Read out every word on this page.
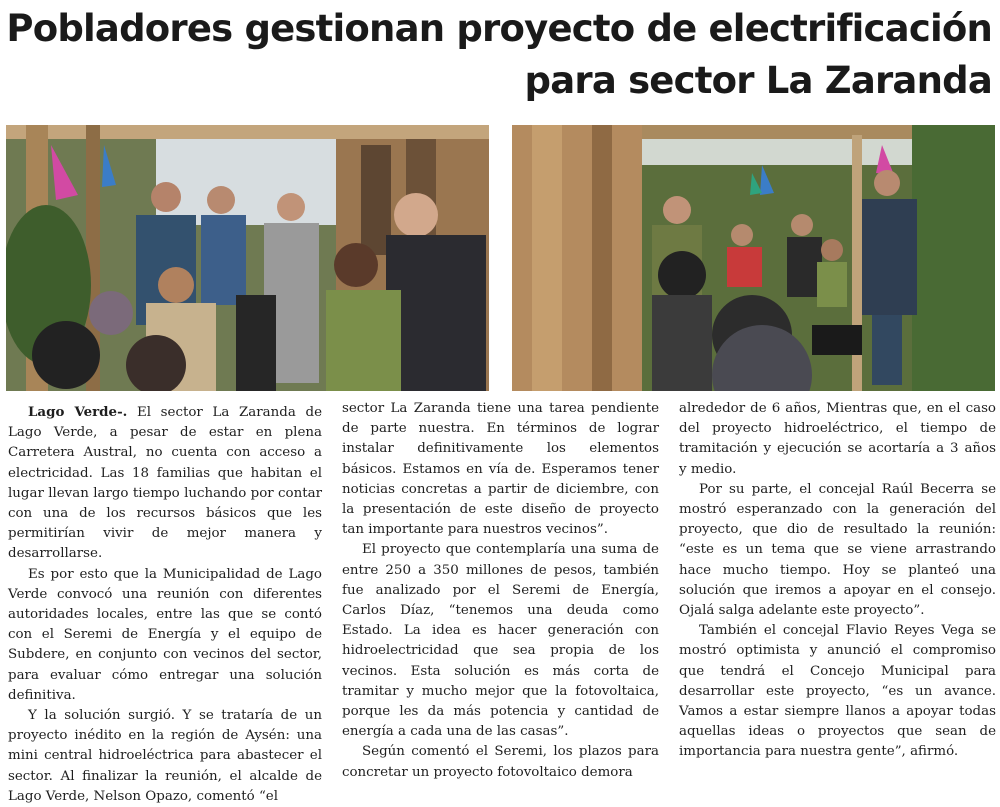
Pobladores gestionan proyecto de electrificación
para sector La Zaranda

Lago Verde-. El sector La Zaranda de Lago Verde, a pesar de estar en plena Carretera Austral, no cuenta con acceso a electricidad. Las 18 familias que habitan el lugar llevan largo tiempo luchando por contar con una de los recursos básicos que les permitirían vivir de mejor manera y desarrollarse.

Es por esto que la Municipalidad de Lago Verde convocó una reunión con diferentes autoridades locales, entre las que se contó con el Seremi de Energía y el equipo de Subdere, en conjunto con vecinos del sector, para evaluar cómo entregar una solución definitiva.

Y la solución surgió. Y se trataría de un proyecto inédito en la región de Aysén: una mini central hidroeléctrica para abastecer el sector. Al finalizar la reunión, el alcalde de Lago Verde, Nelson Opazo, comentó “el

sector La Zaranda tiene una tarea pendiente de parte nuestra. En términos de lograr instalar definitivamente los elementos básicos. Estamos en vía de. Esperamos tener noticias concretas a partir de diciembre, con la presentación de este diseño de proyecto tan importante para nuestros vecinos”.

El proyecto que contemplaría una suma de entre 250 a 350 millones de pesos, también fue analizado por el Seremi de Energía, Carlos Díaz, “tenemos una deuda como Estado. La idea es hacer generación con hidroelectricidad que sea propia de los vecinos. Esta solución es más corta de tramitar y mucho mejor que la fotovoltaica, porque les da más potencia y cantidad de energía a cada una de las casas”.

Según comentó el Seremi, los plazos para concretar un proyecto fotovoltaico demora

alrededor de 6 años, Mientras que, en el caso del proyecto hidroeléctrico, el tiempo de tramitación y ejecución se acortaría a 3 años y medio.

Por su parte, el concejal Raúl Becerra se mostró esperanzado con la generación del proyecto, que dio de resultado la reunión: “este es un tema que se viene arrastrando hace mucho tiempo. Hoy se planteó una solución que iremos a apoyar en el consejo. Ojalá salga adelante este proyecto”.

También el concejal Flavio Reyes Vega se mostró optimista y anunció el compromiso que tendrá el Concejo Municipal para desarrollar este proyecto, “es un avance. Vamos a estar siempre llanos a apoyar todas aquellas ideas o proyectos que sean de importancia para nuestra gente”, afirmó.
